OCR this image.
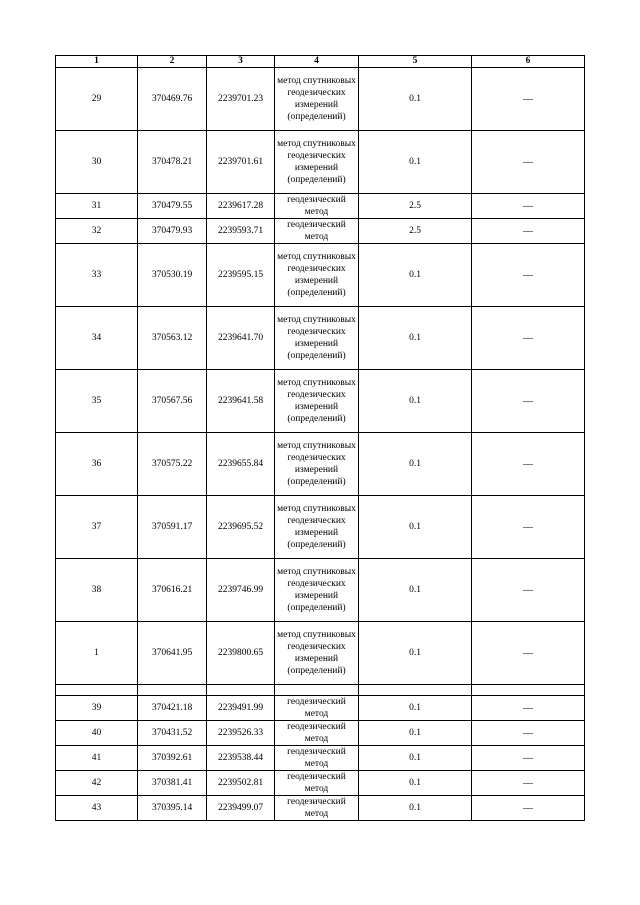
1	2	3	4	5	6
29	370469.76	2239701.23	метод спутниковых геодезических измерений (определений)	0.1	—
30	370478.21	2239701.61	метод спутниковых геодезических измерений (определений)	0.1	—
31	370479.55	2239617.28	геодезический метод	2.5	—
32	370479.93	2239593.71	геодезический метод	2.5	—
33	370530.19	2239595.15	метод спутниковых геодезических измерений (определений)	0.1	—
34	370563.12	2239641.70	метод спутниковых геодезических измерений (определений)	0.1	—
35	370567.56	2239641.58	метод спутниковых геодезических измерений (определений)	0.1	—
36	370575.22	2239655.84	метод спутниковых геодезических измерений (определений)	0.1	—
37	370591.17	2239695.52	метод спутниковых геодезических измерений (определений)	0.1	—
38	370616.21	2239746.99	метод спутниковых геодезических измерений (определений)	0.1	—
1	370641.95	2239800.65	метод спутниковых геодезических измерений (определений)	0.1	—

39	370421.18	2239491.99	геодезический метод	0.1	—
40	370431.52	2239526.33	геодезический метод	0.1	—
41	370392.61	2239538.44	геодезический метод	0.1	—
42	370381.41	2239502.81	геодезический метод	0.1	—
43	370395.14	2239499.07	геодезический метод	0.1	—
